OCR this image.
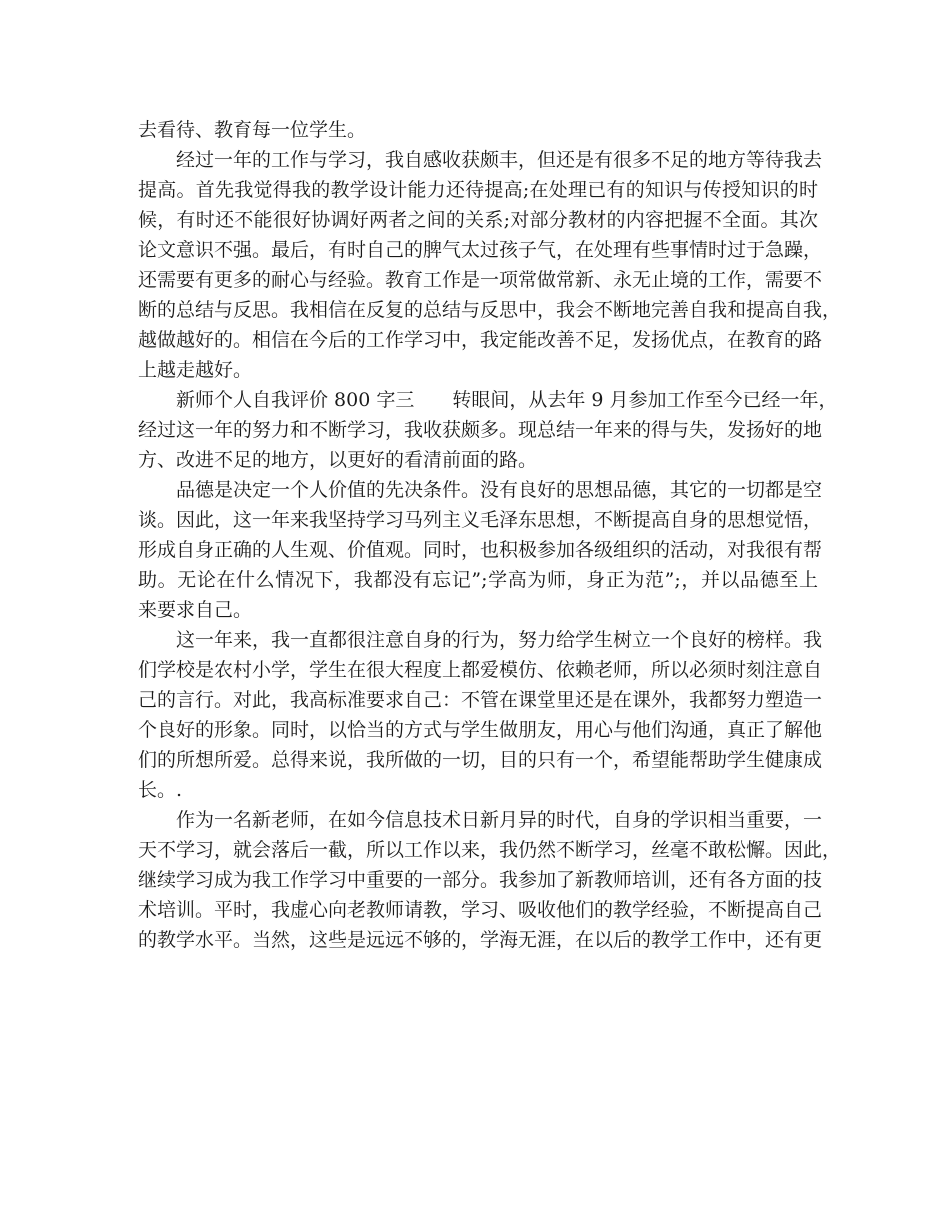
去看待、教育每一位学生。
经过一年的工作与学习，我自感收获颇丰，但还是有很多不足的地方等待我去
提高。首先我觉得我的教学设计能力还待提高;在处理已有的知识与传授知识的时
候，有时还不能很好协调好两者之间的关系;对部分教材的内容把握不全面。其次
论文意识不强。最后，有时自己的脾气太过孩子气，在处理有些事情时过于急躁，
还需要有更多的耐心与经验。教育工作是一项常做常新、永无止境的工作，需要不
断的总结与反思。我相信在反复的总结与反思中，我会不断地完善自我和提高自我，
越做越好的。相信在今后的工作学习中，我定能改善不足，发扬优点，在教育的路
上越走越好。
新师个人自我评价 800 字三　　转眼间，从去年 9 月参加工作至今已经一年，
经过这一年的努力和不断学习，我收获颇多。现总结一年来的得与失，发扬好的地
方、改进不足的地方，以更好的看清前面的路。
品德是决定一个人价值的先决条件。没有良好的思想品德，其它的一切都是空
谈。因此，这一年来我坚持学习马列主义毛泽东思想，不断提高自身的思想觉悟，
形成自身正确的人生观、价值观。同时，也积极参加各级组织的活动，对我很有帮
助。无论在什么情况下，我都没有忘记”;学高为师，身正为范”;，并以品德至上
来要求自己。
这一年来，我一直都很注意自身的行为，努力给学生树立一个良好的榜样。我
们学校是农村小学，学生在很大程度上都爱模仿、依赖老师，所以必须时刻注意自
己的言行。对此，我高标准要求自己：不管在课堂里还是在课外，我都努力塑造一
个良好的形象。同时，以恰当的方式与学生做朋友，用心与他们沟通，真正了解他
们的所想所爱。总得来说，我所做的一切，目的只有一个，希望能帮助学生健康成
长。.
作为一名新老师，在如今信息技术日新月异的时代，自身的学识相当重要，一
天不学习，就会落后一截，所以工作以来，我仍然不断学习，丝毫不敢松懈。因此，
继续学习成为我工作学习中重要的一部分。我参加了新教师培训，还有各方面的技
术培训。平时，我虚心向老教师请教，学习、吸收他们的教学经验，不断提高自己
的教学水平。当然，这些是远远不够的，学海无涯，在以后的教学工作中，还有更
